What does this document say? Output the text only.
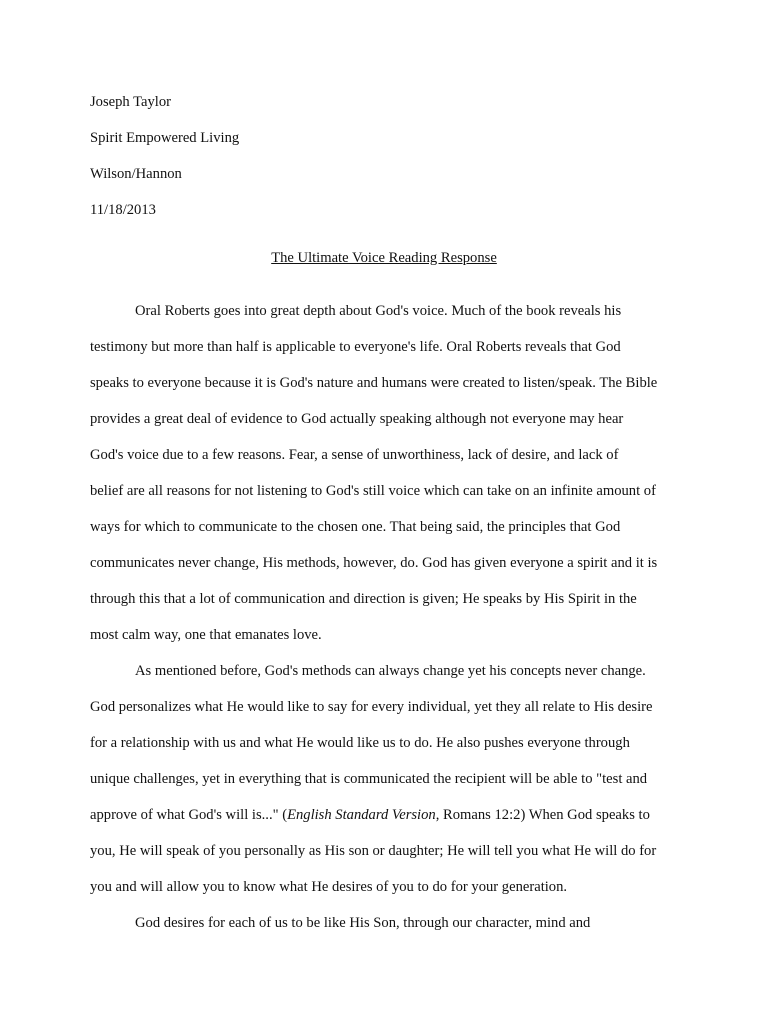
Joseph Taylor
Spirit Empowered Living
Wilson/Hannon
11/18/2013
The Ultimate Voice Reading Response

Oral Roberts goes into great depth about God's voice. Much of the book reveals his
testimony but more than half is applicable to everyone's life. Oral Roberts reveals that God
speaks to everyone because it is God's nature and humans were created to listen/speak. The Bible
provides a great deal of evidence to God actually speaking although not everyone may hear
God's voice due to a few reasons. Fear, a sense of unworthiness, lack of desire, and lack of
belief are all reasons for not listening to God's still voice which can take on an infinite amount of
ways for which to communicate to the chosen one. That being said, the principles that God
communicates never change, His methods, however, do. God has given everyone a spirit and it is
through this that a lot of communication and direction is given; He speaks by His Spirit in the
most calm way, one that emanates love.

As mentioned before, God's methods can always change yet his concepts never change.
God personalizes what He would like to say for every individual, yet they all relate to His desire
for a relationship with us and what He would like us to do. He also pushes everyone through
unique challenges, yet in everything that is communicated the recipient will be able to "test and
approve of what God's will is..." (English Standard Version, Romans 12:2) When God speaks to
you, He will speak of you personally as His son or daughter; He will tell you what He will do for
you and will allow you to know what He desires of you to do for your generation.

God desires for each of us to be like His Son, through our character, mind and
